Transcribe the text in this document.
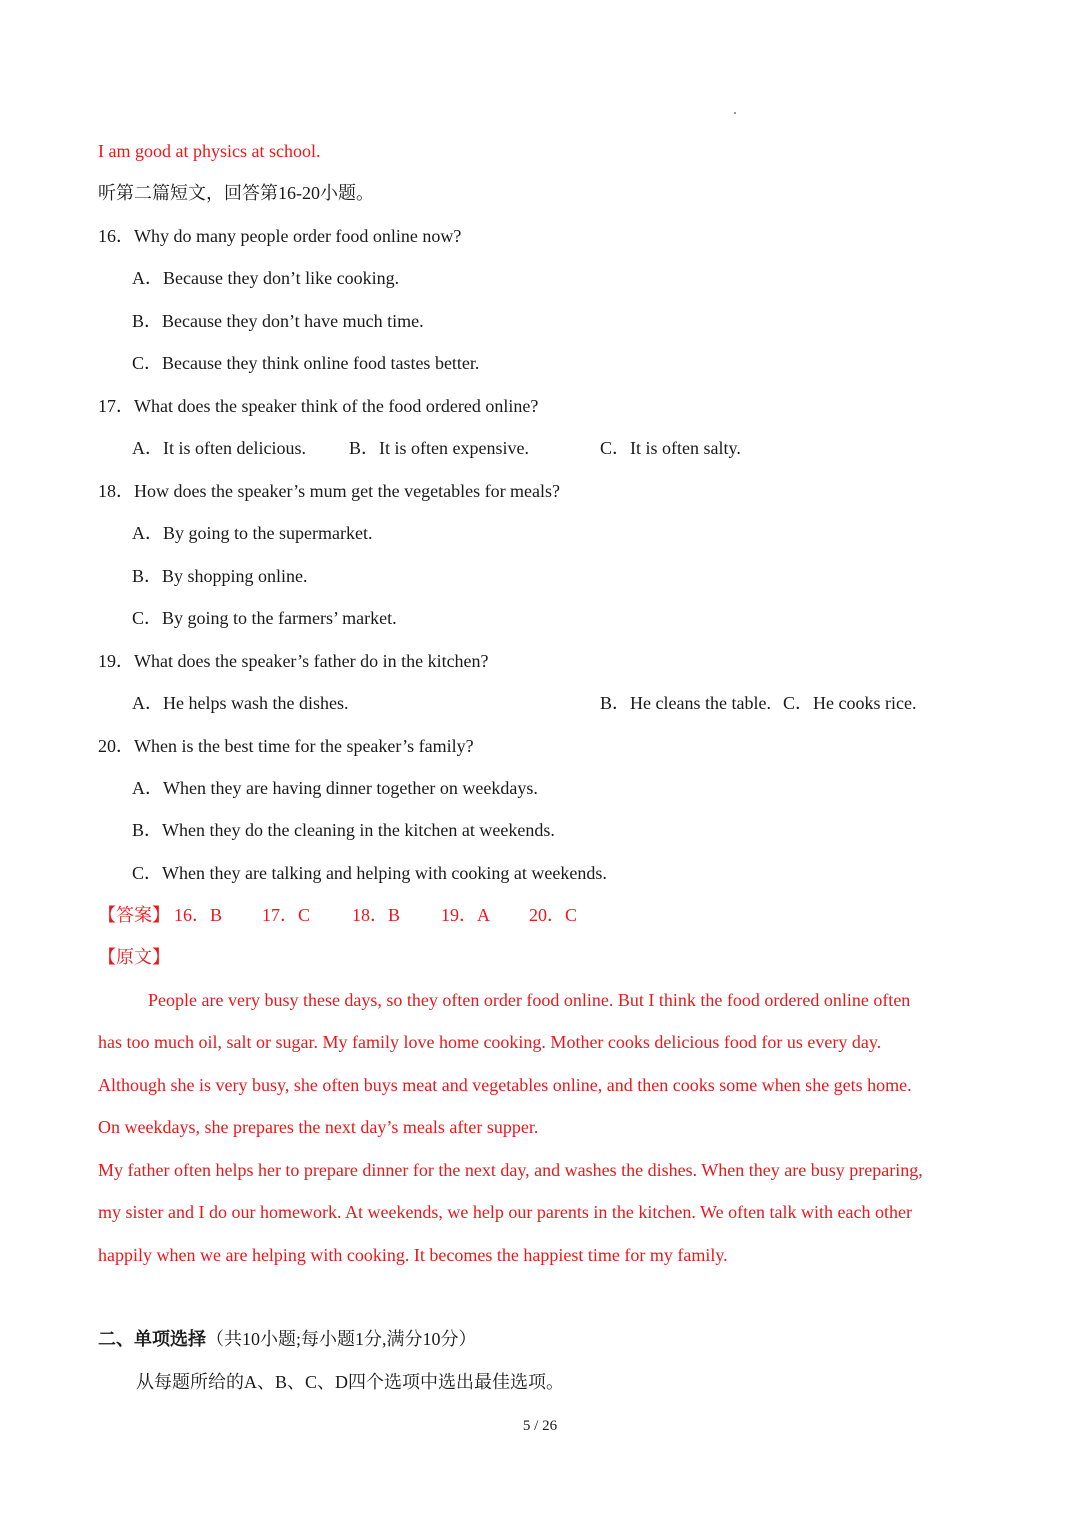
I am good at physics at school.
听第二篇短文，回答第16-20小题。
16．Why do many people order food online now?
A．Because they don’t like cooking.
B．Because they don’t have much time.
C．Because they think online food tastes better.
17．What does the speaker think of the food ordered online?
A．It is often delicious. B．It is often expensive.	C．It is often salty.
18．How does the speaker’s mum get the vegetables for meals?
A．By going to the supermarket.
B．By shopping online.
C．By going to the farmers’ market.
19．What does the speaker’s father do in the kitchen?
A．He helps wash the dishes.	B．He cleans the table. C．He cooks rice.
20．When is the best time for the speaker’s family?
A．When they are having dinner together on weekdays.
B．When they do the cleaning in the kitchen at weekends.
C．When they are talking and helping with cooking at weekends.
【答案】 16．B 17．C 18．B 19．A 20．C
【原文】
People are very busy these days, so they often order food online. But I think the food ordered online often
has too much oil, salt or sugar. My family love home cooking. Mother cooks delicious food for us every day.
Although she is very busy, she often buys meat and vegetables online, and then cooks some when she gets home.
On weekdays, she prepares the next day’s meals after supper.
My father often helps her to prepare dinner for the next day, and washes the dishes. When they are busy preparing,
my sister and I do our homework. At weekends, we help our parents in the kitchen. We often talk with each other
happily when we are helping with cooking. It becomes the happiest time for my family.
二、单项选择（共10小题;每小题1分,满分10分）
从每题所给的A、B、C、D四个选项中选出最佳选项。
5 / 26
